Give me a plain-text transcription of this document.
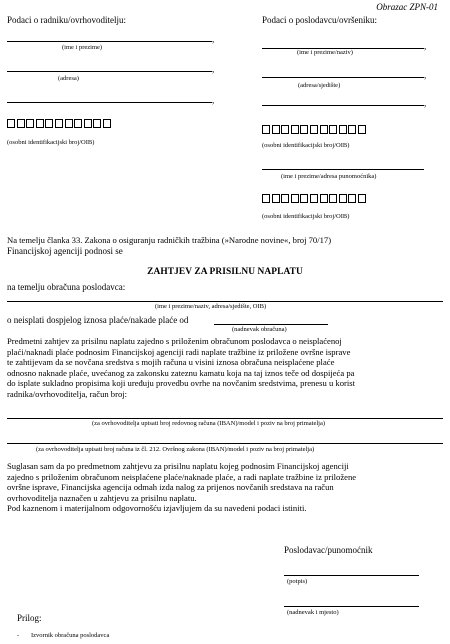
Obrazac ZPN-01
Podaci o radniku/ovrhovoditelju:
,
(ime i prezime)
,
(adresa)
,
(osobni identifikacijski broj/OIB)
Podaci o poslodavcu/ovršeniku:
,
(ime i prezime/naziv)
,
(adresa/sjedište)
,
(osobni identifikacijski broj/OIB)
(ime i prezime/adresa punomoćnika)
(osobni identifikacijski broj/OIB)
Na temelju članka 33. Zakona o osiguranju radničkih tražbina (»Narodne novine«, broj 70/17)
Financijskoj agenciji podnosi se
ZAHTJEV ZA PRISILNU NAPLATU
na temelju obračuna poslodavca:
(ime i prezime/naziv, adresa/sjedište, OIB)
o neisplati dospjelog iznosa plaće/nakade plaće od
(nadnevak obračuna)
Predmetni zahtjev za prisilnu naplatu zajedno s priloženim obračunom poslodavca o neisplaćenoj
plaći/naknadi plaće podnosim Financijskoj agenciji radi naplate tražbine iz priložene ovršne isprave
te zahtijevam da se novčana sredstva s mojih računa u visini iznosa obračuna neisplaćene plaće
odnosno naknade plaće, uvećanog za zakonsku zateznu kamatu koja na taj iznos teče od dospijeća pa
do isplate sukladno propisima koji uređuju provedbu ovrhe na novčanim sredstvima, prenesu u korist
radnika/ovrhovoditelja, račun broj:
(za ovrhovoditelja upisati broj redovnog računa (IBAN)/model i poziv na broj primatelja)
(za ovrhovoditelja upisati broj računa iz čl. 212. Ovršnog zakona (IBAN)/model i poziv na broj primatelja)
Suglasan sam da po predmetnom zahtjevu za prisilnu naplatu kojeg podnosim Financijskoj agenciji
zajedno s priloženim obračunom neisplaćene plaće/naknade plaće, a radi naplate tražbine iz priložene
ovršne isprave, Financijska agencija odmah izda nalog za prijenos novčanih sredstava na račun
ovrhovoditelja naznačen u zahtjevu za prisilnu naplatu.
Pod kaznenom i materijalnom odgovornošću izjavljujem da su navedeni podaci istiniti.
Poslodavac/punomoćnik
(potpis)
(nadnevak i mjesto)
Prilog:
- Izvornik obračuna poslodavca
